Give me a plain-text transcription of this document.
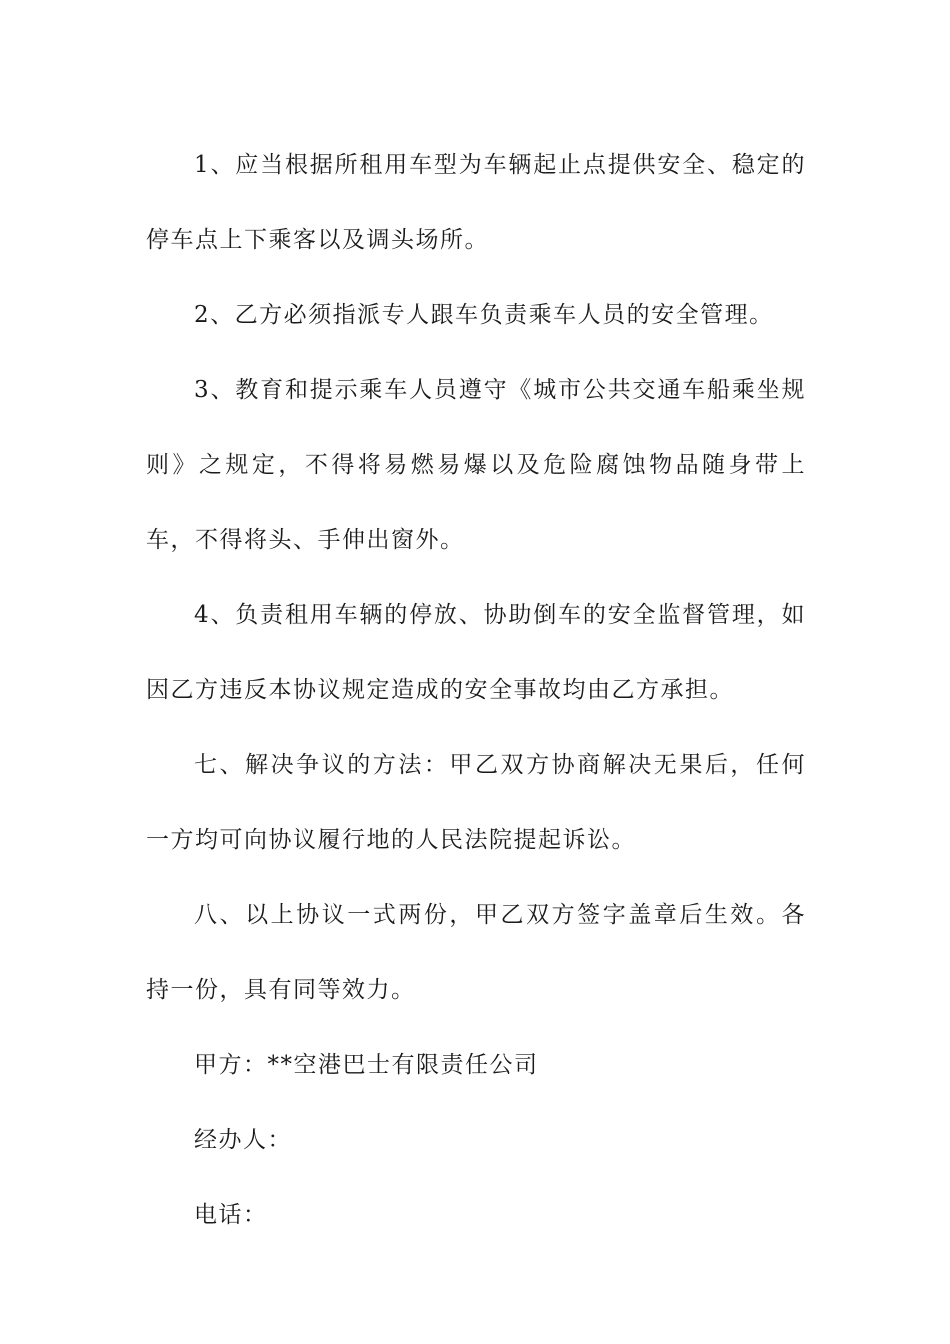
1、应当根据所租用车型为车辆起止点提供安全、稳定的停车点上下乘客以及调头场所。

2、乙方必须指派专人跟车负责乘车人员的安全管理。

3、教育和提示乘车人员遵守《城市公共交通车船乘坐规则》之规定，不得将易燃易爆以及危险腐蚀物品随身带上车，不得将头、手伸出窗外。

4、负责租用车辆的停放、协助倒车的安全监督管理，如因乙方违反本协议规定造成的安全事故均由乙方承担。

七、解决争议的方法：甲乙双方协商解决无果后，任何一方均可向协议履行地的人民法院提起诉讼。

八、以上协议一式两份，甲乙双方签字盖章后生效。各持一份，具有同等效力。

甲方：**空港巴士有限责任公司

经办人：

电话：
